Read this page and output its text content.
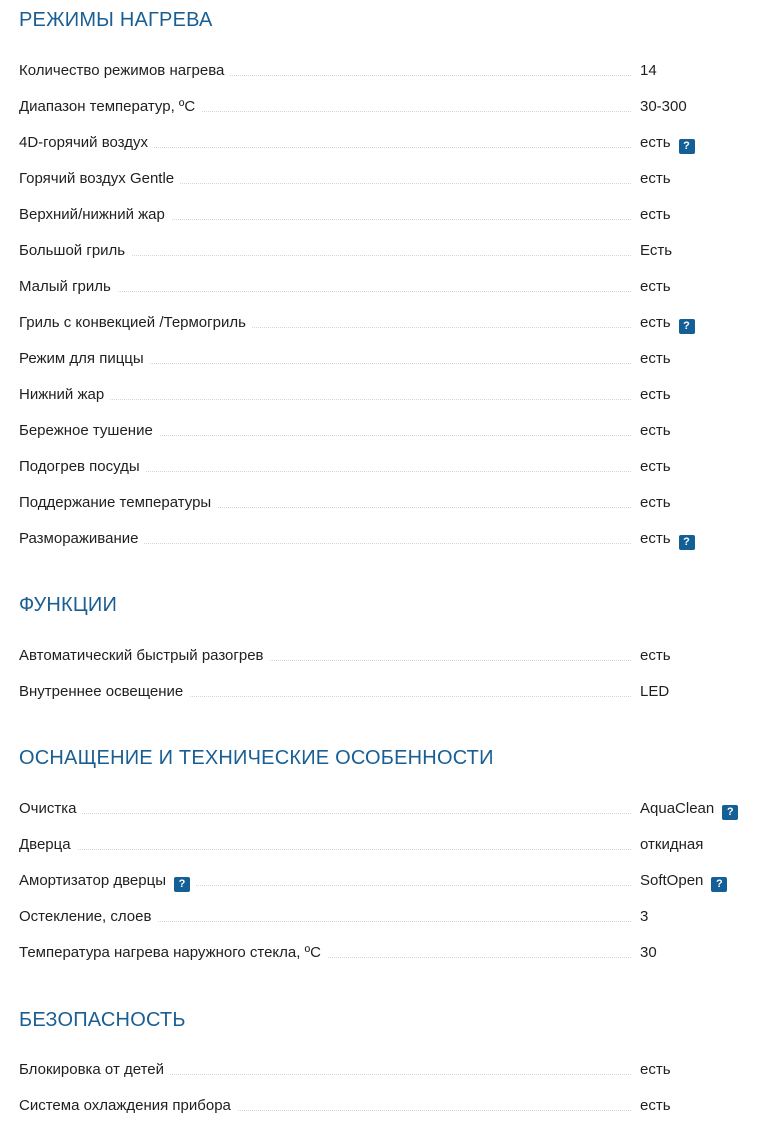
РЕЖИМЫ НАГРЕВА
Количество режимов нагрева	14
Диапазон температур, ºC	30-300
4D-горячий воздух	есть ?
Горячий воздух Gentle	есть
Верхний/нижний жар	есть
Большой гриль	Есть
Малый гриль	есть
Гриль с конвекцией /Термогриль	есть ?
Режим для пиццы	есть
Нижний жар	есть
Бережное тушение	есть
Подогрев посуды	есть
Поддержание температуры	есть
Размораживание	есть ?
ФУНКЦИИ
Автоматический быстрый разогрев	есть
Внутреннее освещение	LED
ОСНАЩЕНИЕ И ТЕХНИЧЕСКИЕ ОСОБЕННОСТИ
Очистка	AquaClean ?
Дверца	откидная
Амортизатор дверцы ?	SoftOpen ?
Остекление, слоев	3
Температура нагрева наружного стекла, ºC	30
БЕЗОПАСНОСТЬ
Блокировка от детей	есть
Система охлаждения прибора	есть
